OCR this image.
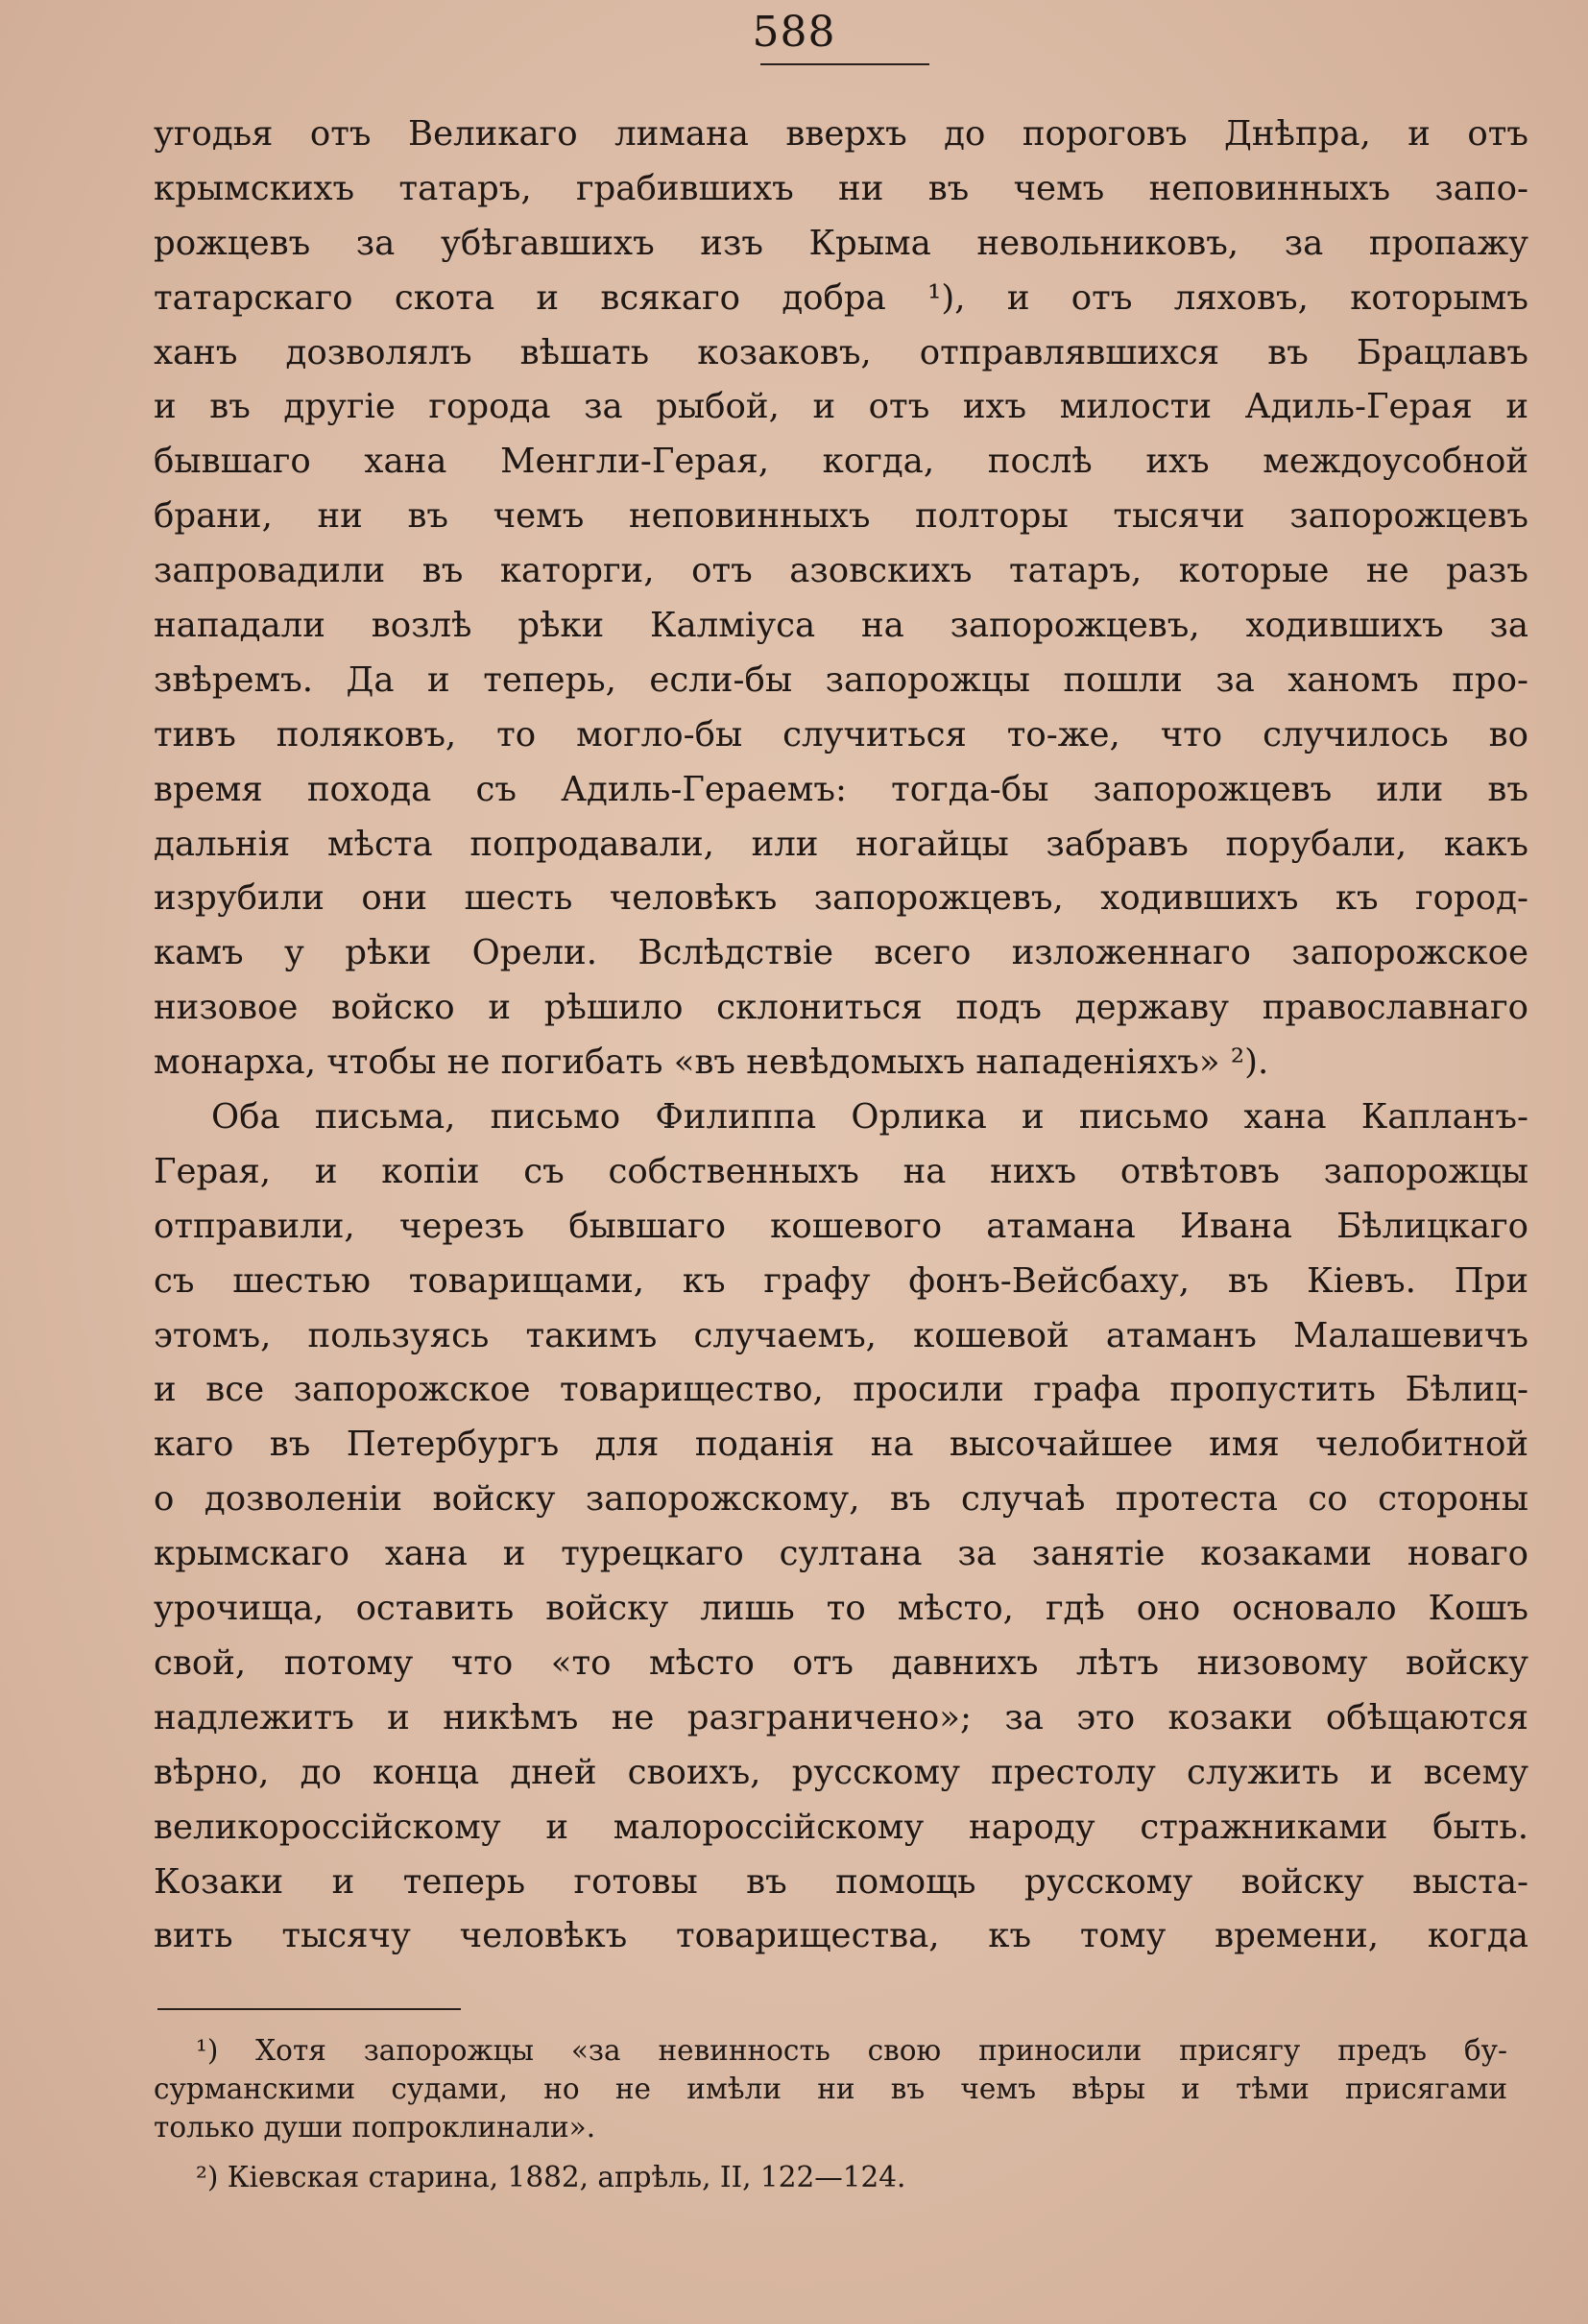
588
угодья отъ Великаго лимана вверхъ до пороговъ Днѣпра, и отъ
крымскихъ татаръ, грабившихъ ни въ чемъ неповинныхъ запо-
рожцевъ за убѣгавшихъ изъ Крыма невольниковъ, за пропажу
татарскаго скота и всякаго добра ¹), и отъ ляховъ, которымъ
ханъ дозволялъ вѣшать козаковъ, отправлявшихся въ Брацлавъ
и въ другіе города за рыбой, и отъ ихъ милости Адиль-Герая и
бывшаго хана Менгли-Герая, когда, послѣ ихъ междоусобной
брани, ни въ чемъ неповинныхъ полторы тысячи запорожцевъ
запровадили въ каторги, отъ азовскихъ татаръ, которые не разъ
нападали возлѣ рѣки Калміуса на запорожцевъ, ходившихъ за
звѣремъ. Да и теперь, если-бы запорожцы пошли за ханомъ про-
тивъ поляковъ, то могло-бы случиться то-же, что случилось во
время похода съ Адиль-Гераемъ: тогда-бы запорожцевъ или въ
дальнія мѣста попродавали, или ногайцы забравъ порубали, какъ
изрубили они шесть человѣкъ запорожцевъ, ходившихъ къ город-
камъ у рѣки Орели. Вслѣдствіе всего изложеннаго запорожское
низовое войско и рѣшило склониться подъ державу православнаго
монарха, чтобы не погибать «въ невѣдомыхъ нападеніяхъ» ²).
Оба письма, письмо Филиппа Орлика и письмо хана Капланъ-
Герая, и копіи съ собственныхъ на нихъ отвѣтовъ запорожцы
отправили, черезъ бывшаго кошевого атамана Ивана Бѣлицкаго
съ шестью товарищами, къ графу фонъ-Вейсбаху, въ Кіевъ. При
этомъ, пользуясь такимъ случаемъ, кошевой атаманъ Малашевичъ
и все запорожское товарищество, просили графа пропустить Бѣлиц-
каго въ Петербургъ для поданія на высочайшее имя челобитной
о дозволеніи войску запорожскому, въ случаѣ протеста со стороны
крымскаго хана и турецкаго султана за занятіе козаками новаго
урочища, оставить войску лишь то мѣсто, гдѣ оно основало Кошъ
свой, потому что «то мѣсто отъ давнихъ лѣтъ низовому войску
надлежитъ и никѣмъ не разграничено»; за это козаки обѣщаются
вѣрно, до конца дней своихъ, русскому престолу служить и всему
великороссійскому и малороссійскому народу стражниками быть.
Козаки и теперь готовы въ помощь русскому войску выста-
вить тысячу человѣкъ товарищества, къ тому времени, когда
¹) Хотя запорожцы «за невинность свою приносили присягу предъ бу-
сурманскими судами, но не имѣли ни въ чемъ вѣры и тѣми присягами
только души попроклинали».
²) Кіевская старина, 1882, апрѣль, II, 122—124.
